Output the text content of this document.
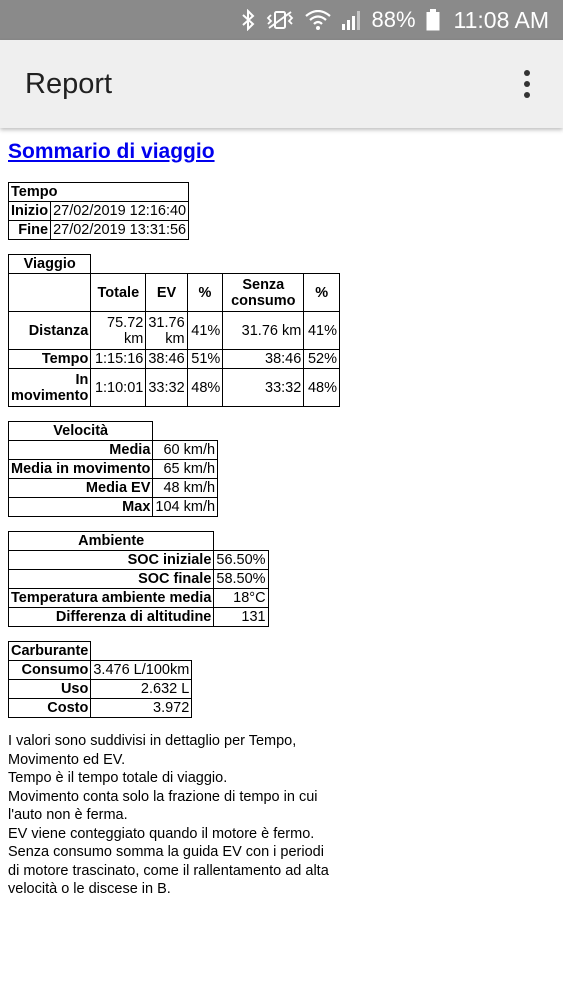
88% 11:08 AM
Report
Sommario di viaggio
Tempo	
Inizio	27/02/2019 12:16:40
Fine	27/02/2019 13:31:56
Viaggio					
	Totale	EV	%	Senza consumo	%
Distanza	75.72 km	31.76 km	41%	31.76 km	41%
Tempo	1:15:16	38:46	51%	38:46	52%
In movimento	1:10:01	33:32	48%	33:32	48%
Velocità	
Media	60 km/h
Media in movimento	65 km/h
Media EV	48 km/h
Max	104 km/h
Ambiente	
SOC iniziale	56.50%
SOC finale	58.50%
Temperatura ambiente media	18°C
Differenza di altitudine	131
Carburante	
Consumo	3.476 L/100km
Uso	2.632 L
Costo	3.972
I valori sono suddivisi in dettaglio per Tempo, Movimento ed EV.
Tempo è il tempo totale di viaggio.
Movimento conta solo la frazione di tempo in cui l'auto non è ferma.
EV viene conteggiato quando il motore è fermo.
Senza consumo somma la guida EV con i periodi di motore trascinato, come il rallentamento ad alta velocità o le discese in B.
